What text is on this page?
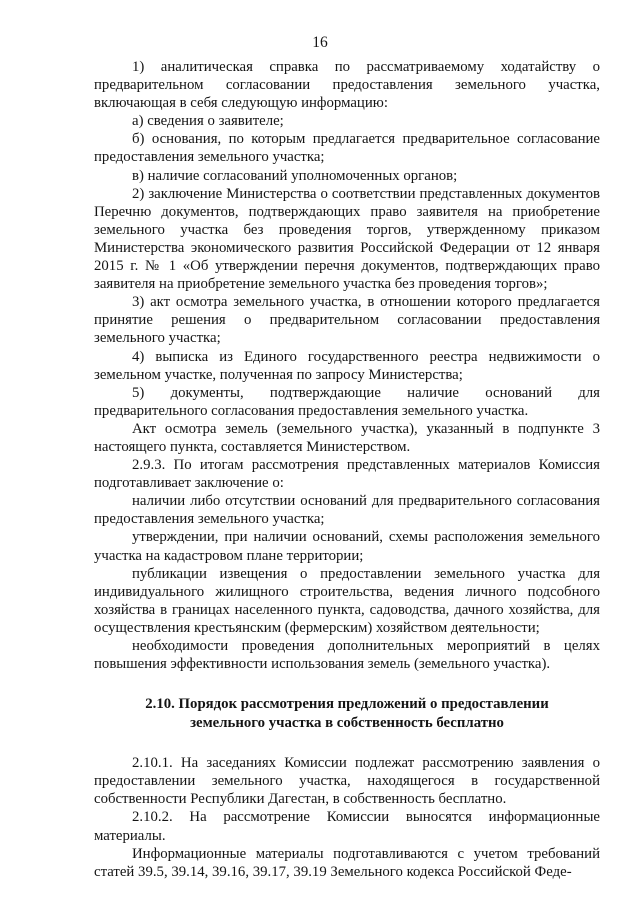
16

1) аналитическая справка по рассматриваемому ходатайству о предварительном согласовании предоставления земельного участка, включающая в себя следующую информацию:

а) сведения о заявителе;

б) основания, по которым предлагается предварительное согласование предоставления земельного участка;

в) наличие согласований уполномоченных органов;

2) заключение Министерства о соответствии представленных документов Перечню документов, подтверждающих право заявителя на приобретение земельного участка без проведения торгов, утвержденному приказом Министерства экономического развития Российской Федерации от 12 января 2015 г. № 1 «Об утверждении перечня документов, подтверждающих право заявителя на приобретение земельного участка без проведения торгов»;

3) акт осмотра земельного участка, в отношении которого предлагается принятие решения о предварительном согласовании предоставления земельного участка;

4) выписка из Единого государственного реестра недвижимости о земельном участке, полученная по запросу Министерства;

5) документы, подтверждающие наличие оснований для предварительного согласования предоставления земельного участка.

Акт осмотра земель (земельного участка), указанный в подпункте 3 настоящего пункта, составляется Министерством.

2.9.3. По итогам рассмотрения представленных материалов Комиссия подготавливает заключение о:

наличии либо отсутствии оснований для предварительного согласования предоставления земельного участка;

утверждении, при наличии оснований, схемы расположения земельного участка на кадастровом плане территории;

публикации извещения о предоставлении земельного участка для индивидуального жилищного строительства, ведения личного подсобного хозяйства в границах населенного пункта, садоводства, дачного хозяйства, для осуществления крестьянским (фермерским) хозяйством деятельности;

необходимости проведения дополнительных мероприятий в целях повышения эффективности использования земель (земельного участка).

2.10. Порядок рассмотрения предложений о предоставлении
земельного участка в собственность бесплатно

2.10.1. На заседаниях Комиссии подлежат рассмотрению заявления о предоставлении земельного участка, находящегося в государственной собственности Республики Дагестан, в собственность бесплатно.

2.10.2. На рассмотрение Комиссии выносятся информационные материалы.

Информационные материалы подготавливаются с учетом требований статей 39.5, 39.14, 39.16, 39.17, 39.19 Земельного кодекса Российской Феде-
